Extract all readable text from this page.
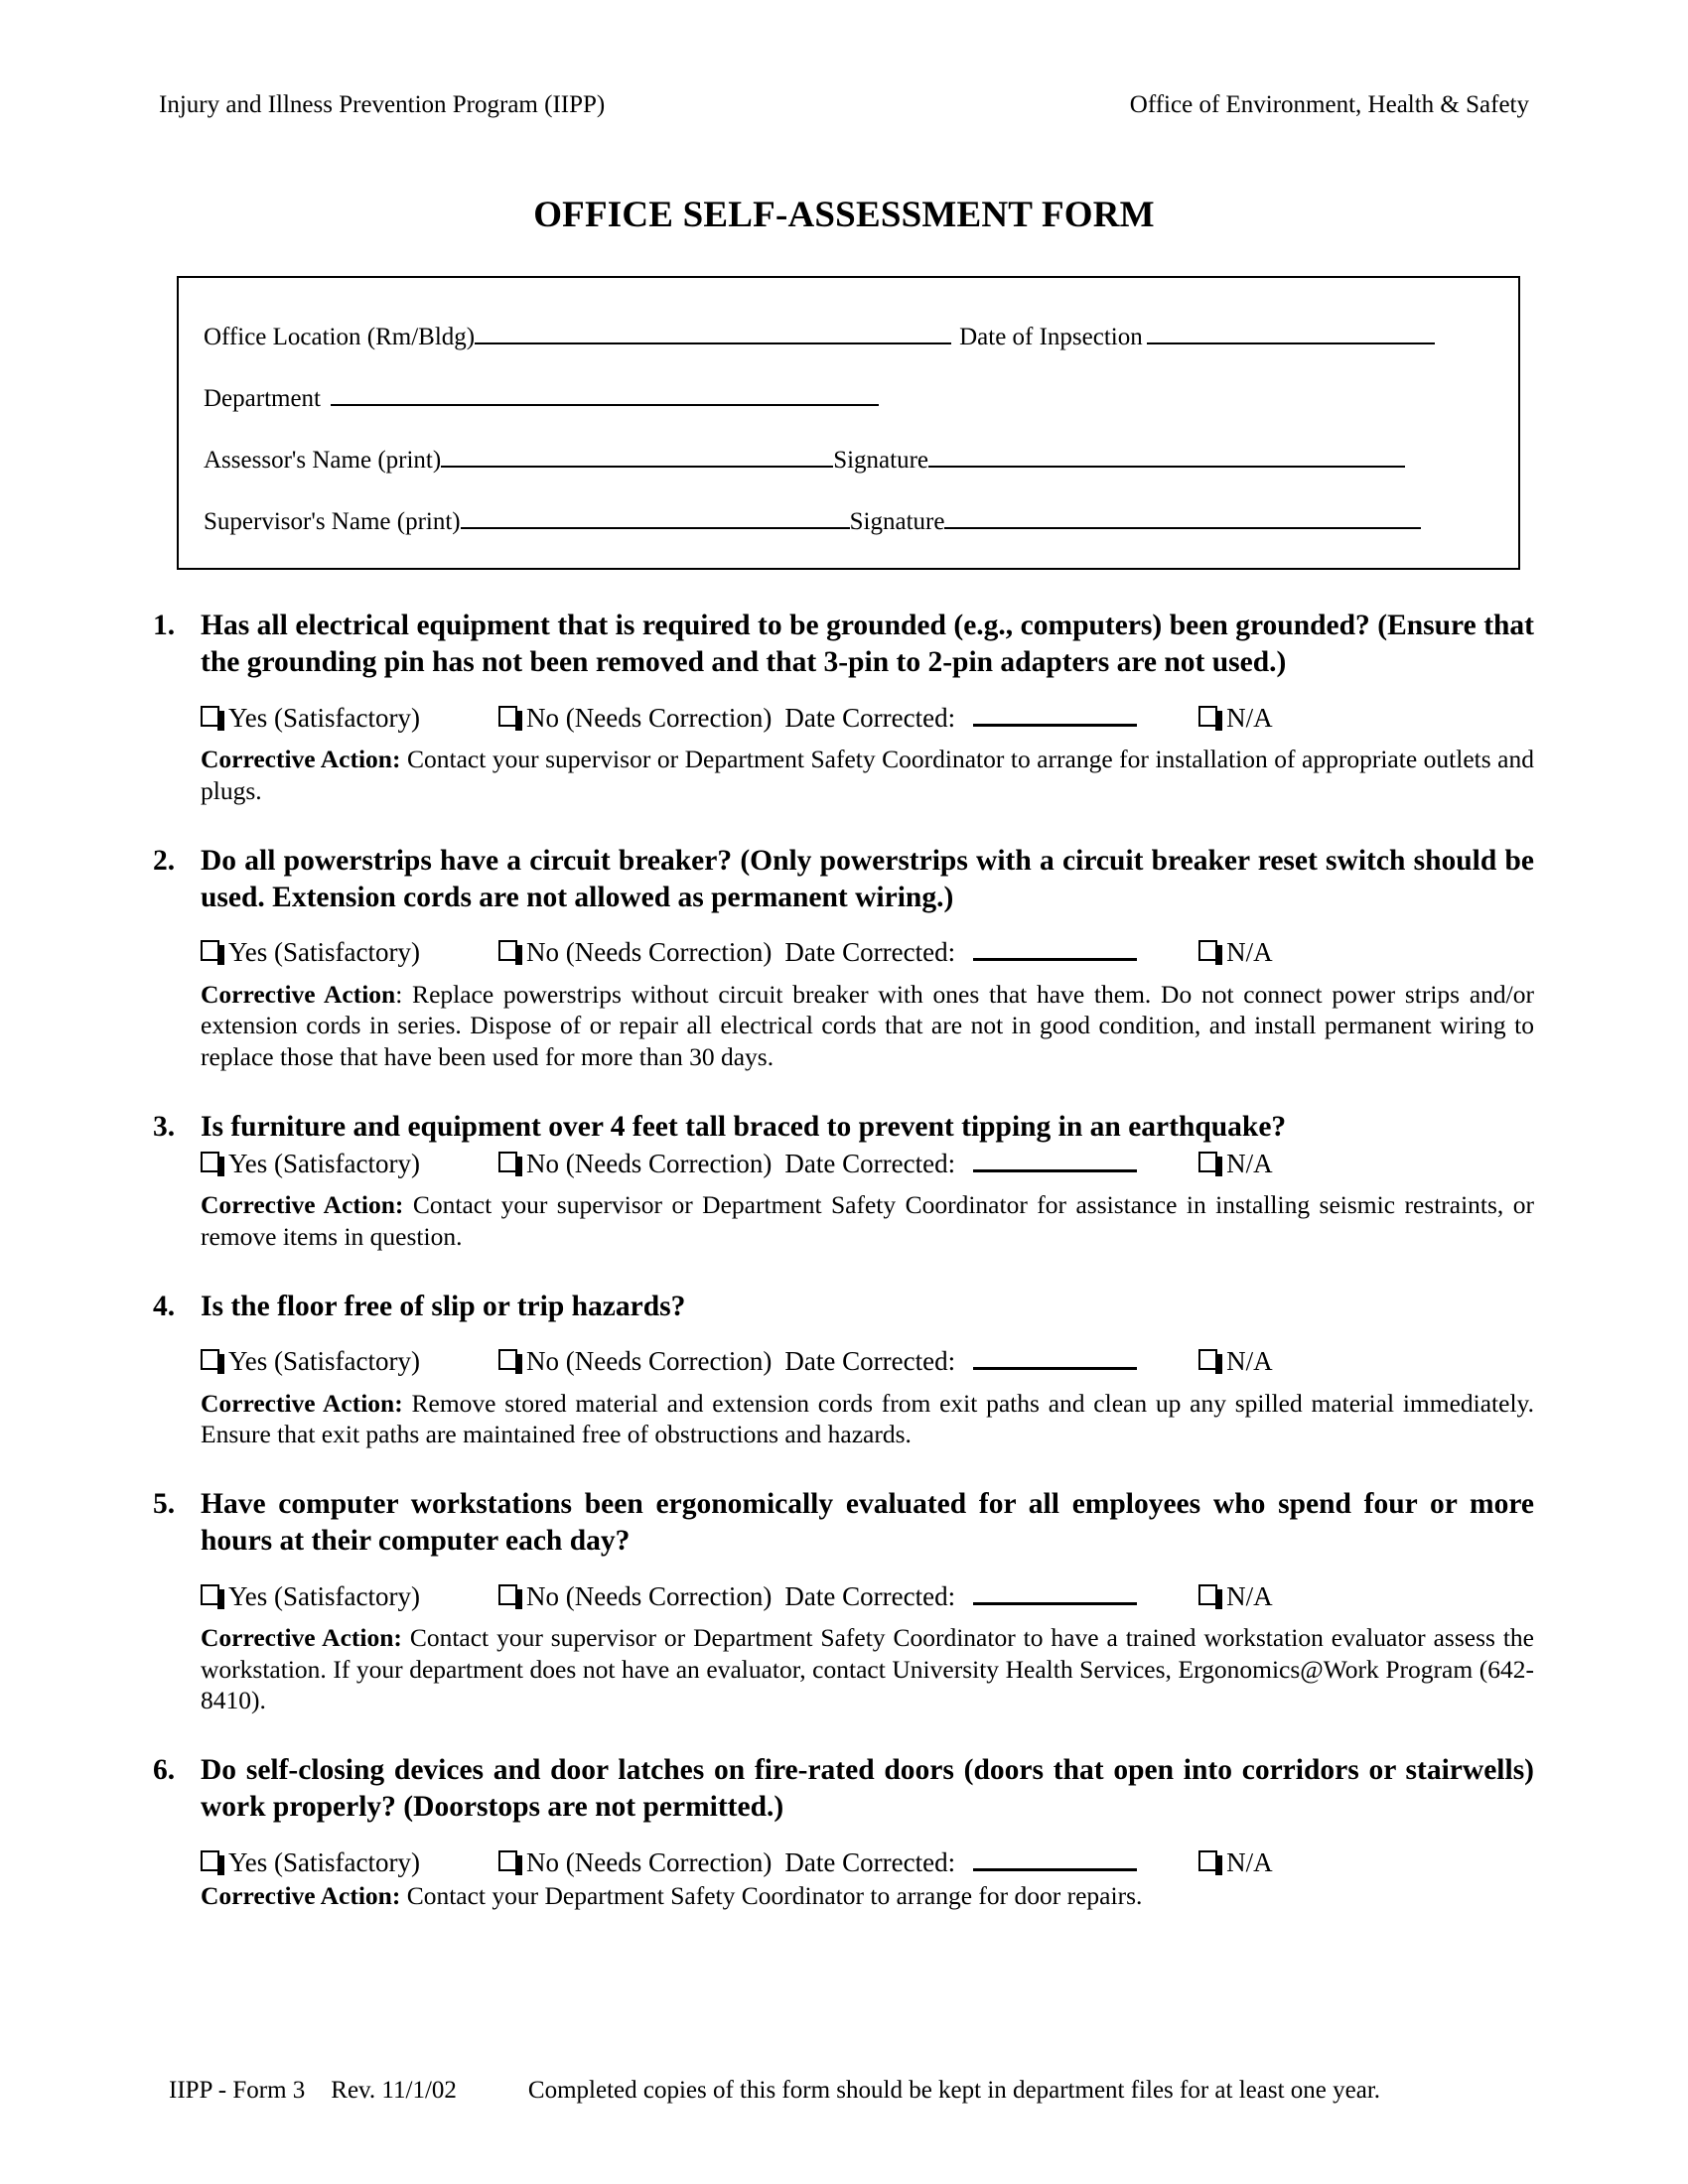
Injury and Illness Prevention Program (IIPP)	Office of Environment, Health & Safety
OFFICE SELF-ASSESSMENT FORM
Office Location (Rm/Bldg)	Date of Inpsection
Department
Assessor's Name (print)	Signature
Supervisor's Name (print)	Signature
1. Has all electrical equipment that is required to be grounded (e.g., computers) been grounded? (Ensure that the grounding pin has not been removed and that 3-pin to 2-pin adapters are not used.)
Yes (Satisfactory)	No (Needs Correction) Date Corrected:	N/A
Corrective Action: Contact your supervisor or Department Safety Coordinator to arrange for installation of appropriate outlets and plugs.
2. Do all powerstrips have a circuit breaker? (Only powerstrips with a circuit breaker reset switch should be used. Extension cords are not allowed as permanent wiring.)
Yes (Satisfactory)	No (Needs Correction) Date Corrected:	N/A
Corrective Action: Replace powerstrips without circuit breaker with ones that have them. Do not connect power strips and/or extension cords in series. Dispose of or repair all electrical cords that are not in good condition, and install permanent wiring to replace those that have been used for more than 30 days.
3. Is furniture and equipment over 4 feet tall braced to prevent tipping in an earthquake?
Yes (Satisfactory)	No (Needs Correction) Date Corrected:	N/A
Corrective Action: Contact your supervisor or Department Safety Coordinator for assistance in installing seismic restraints, or remove items in question.
4. Is the floor free of slip or trip hazards?
Yes (Satisfactory)	No (Needs Correction) Date Corrected:	N/A
Corrective Action: Remove stored material and extension cords from exit paths and clean up any spilled material immediately. Ensure that exit paths are maintained free of obstructions and hazards.
5. Have computer workstations been ergonomically evaluated for all employees who spend four or more hours at their computer each day?
Yes (Satisfactory)	No (Needs Correction) Date Corrected:	N/A
Corrective Action: Contact your supervisor or Department Safety Coordinator to have a trained workstation evaluator assess the workstation. If your department does not have an evaluator, contact University Health Services, Ergonomics@Work Program (642-8410).
6. Do self-closing devices and door latches on fire-rated doors (doors that open into corridors or stairwells) work properly? (Doorstops are not permitted.)
Yes (Satisfactory)	No (Needs Correction) Date Corrected:	N/A
Corrective Action: Contact your Department Safety Coordinator to arrange for door repairs.
IIPP - Form 3 Rev. 11/1/02	Completed copies of this form should be kept in department files for at least one year.
